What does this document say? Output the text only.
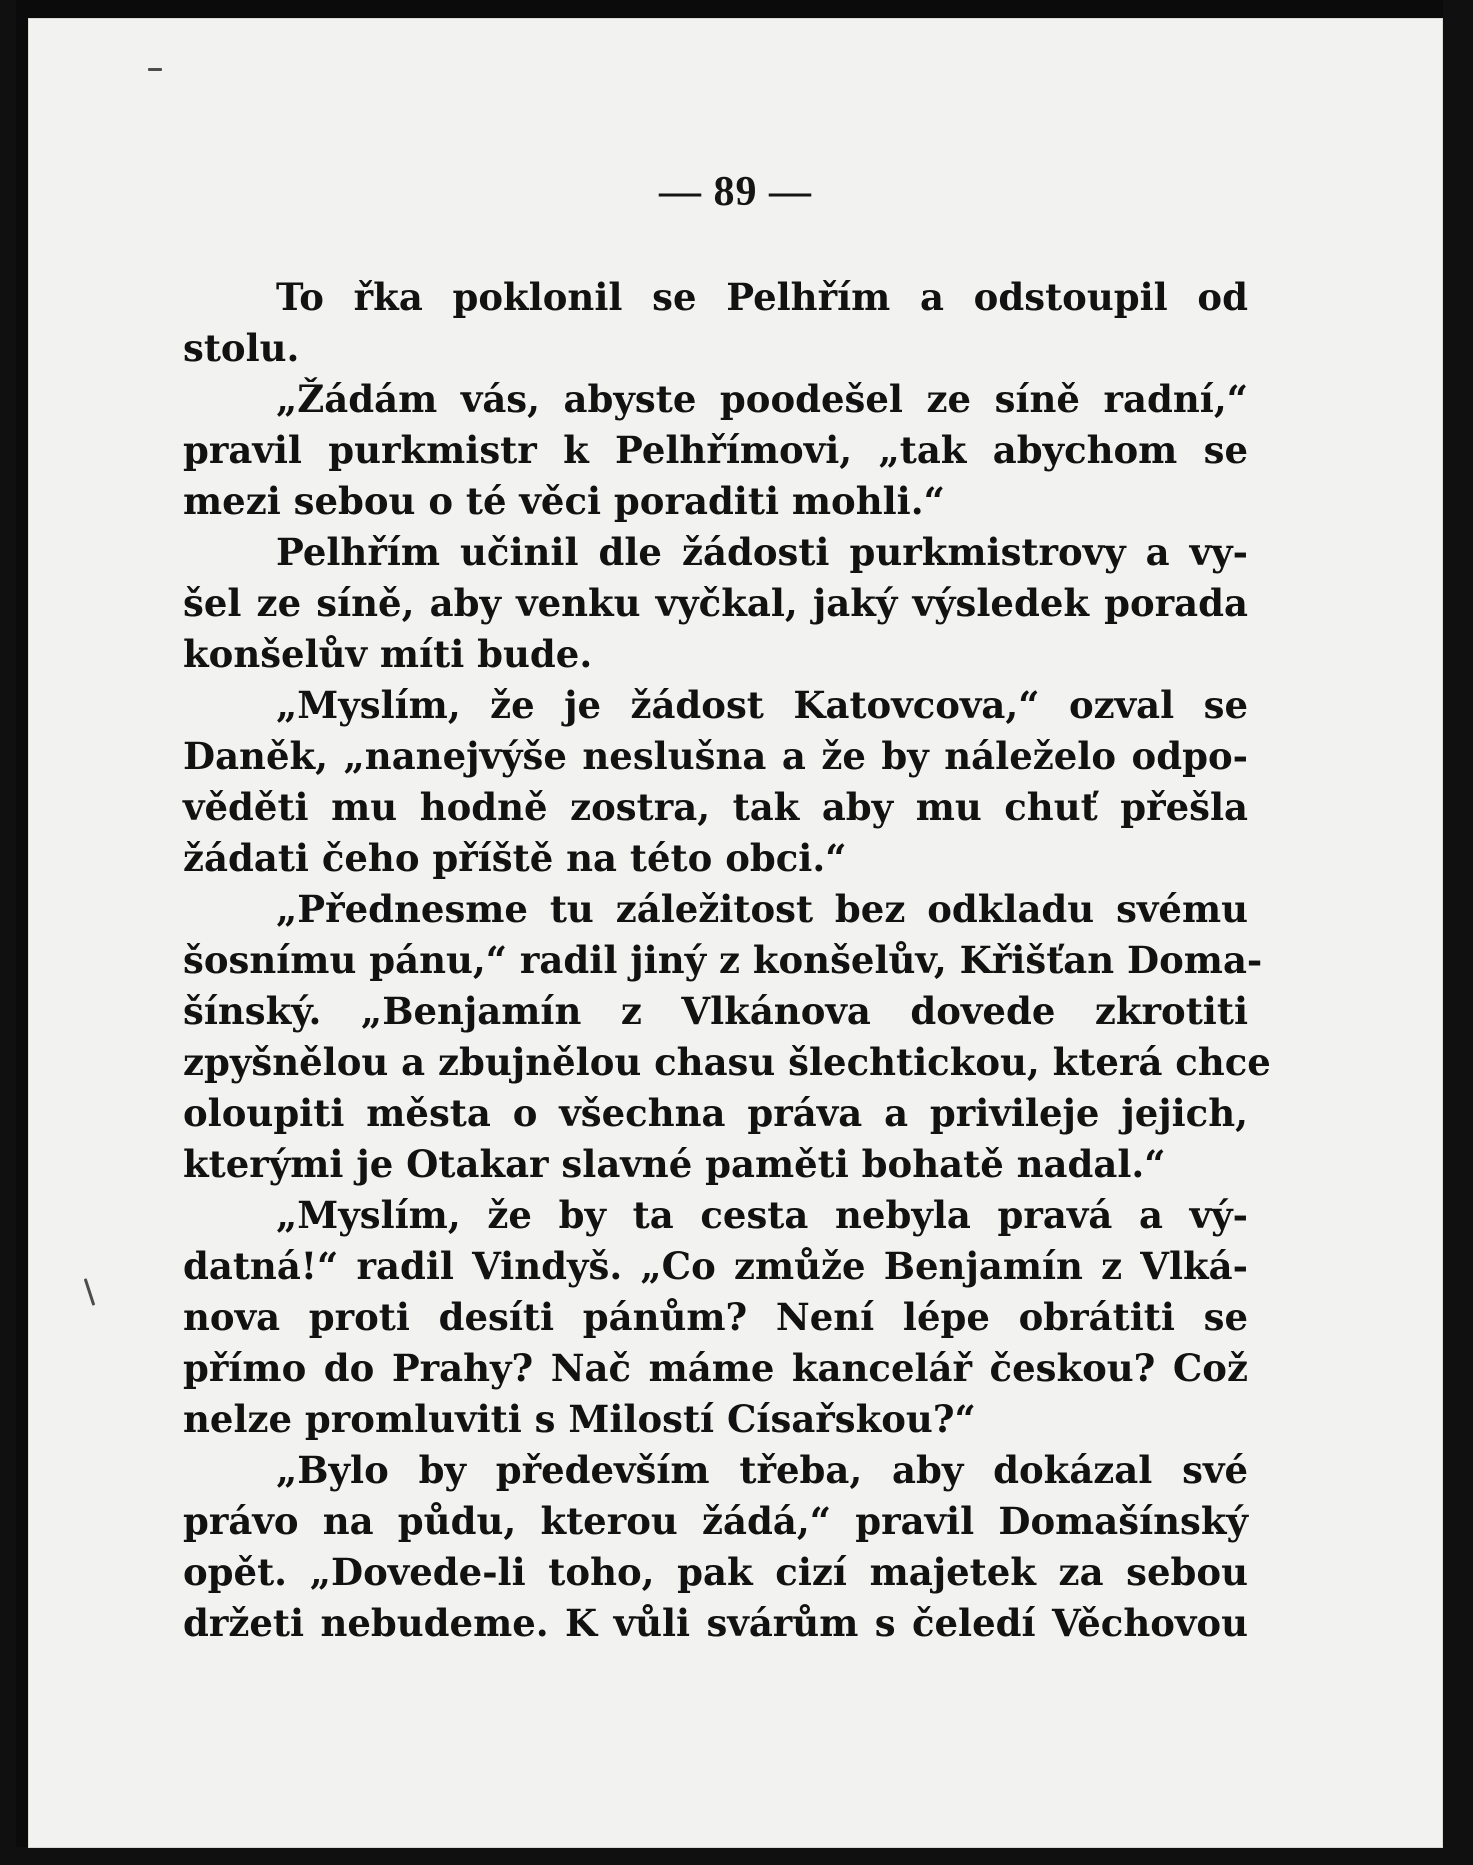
— 89 —
To řka poklonil se Pelhřím a odstoupil od
stolu.
„Žádám vás, abyste poodešel ze síně radní,“
pravil purkmistr k Pelhřímovi, „tak abychom se
mezi sebou o té věci poraditi mohli.“
Pelhřím učinil dle žádosti purkmistrovy a vy-
šel ze síně, aby venku vyčkal, jaký výsledek porada
konšelův míti bude.
„Myslím, že je žádost Katovcova,“ ozval se
Daněk, „nanejvýše neslušna a že by náleželo odpo-
věděti mu hodně zostra, tak aby mu chuť přešla
žádati čeho příště na této obci.“
„Přednesme tu záležitost bez odkladu svému
šosnímu pánu,“ radil jiný z konšelův, Křišťan Doma-
šínský. „Benjamín z Vlkánova dovede zkrotiti
zpyšnělou a zbujnělou chasu šlechtickou, která chce
oloupiti města o všechna práva a privileje jejich,
kterými je Otakar slavné paměti bohatě nadal.“
„Myslím, že by ta cesta nebyla pravá a vý-
datná!“ radil Vindyš. „Co zmůže Benjamín z Vlká-
nova proti desíti pánům? Není lépe obrátiti se
přímo do Prahy? Nač máme kancelář českou? Což
nelze promluviti s Milostí Císařskou?“
„Bylo by především třeba, aby dokázal své
právo na půdu, kterou žádá,“ pravil Domašínský
opět. „Dovede-li toho, pak cizí majetek za sebou
držeti nebudeme. K vůli svárům s čeledí Věchovou
